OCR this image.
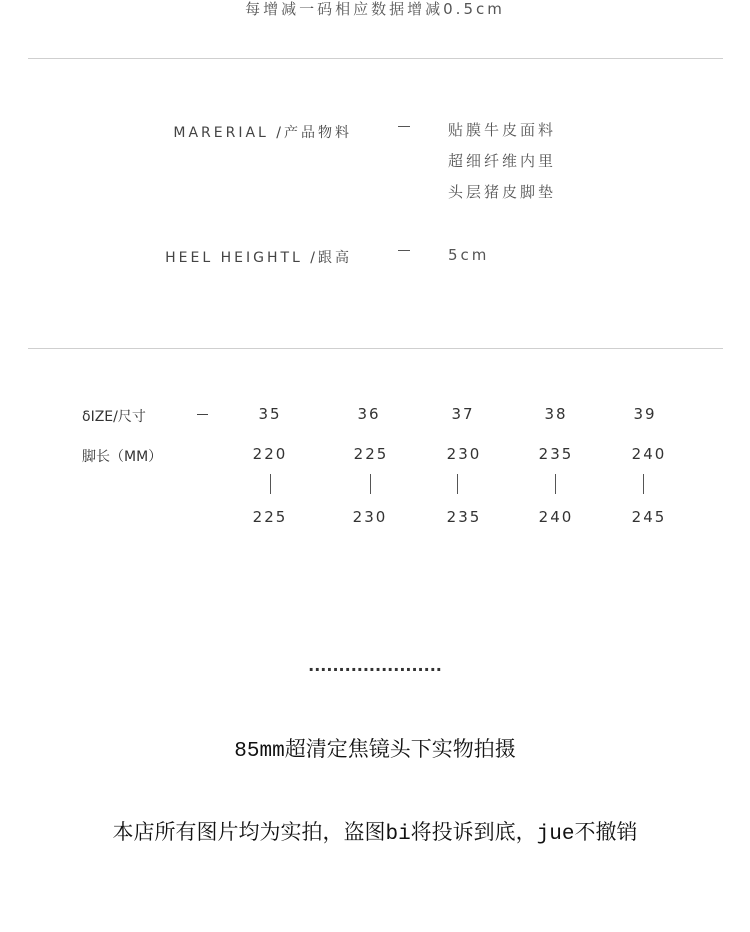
每增减一码相应数据增减0.5cm
MARERIAL /产品物料	贴膜牛皮面料
超细纤维内里
头层猪皮脚垫
HEEL HEIGHTL /跟高	5cm
δIZE/尺寸
脚长（MM）
35
220
225
36
225
230
37
230
235
38
235
240
39
240
245
......................
85mm超清定焦镜头下实物拍摄
本店所有图片均为实拍，盗图bi将投诉到底，jue不撤销
